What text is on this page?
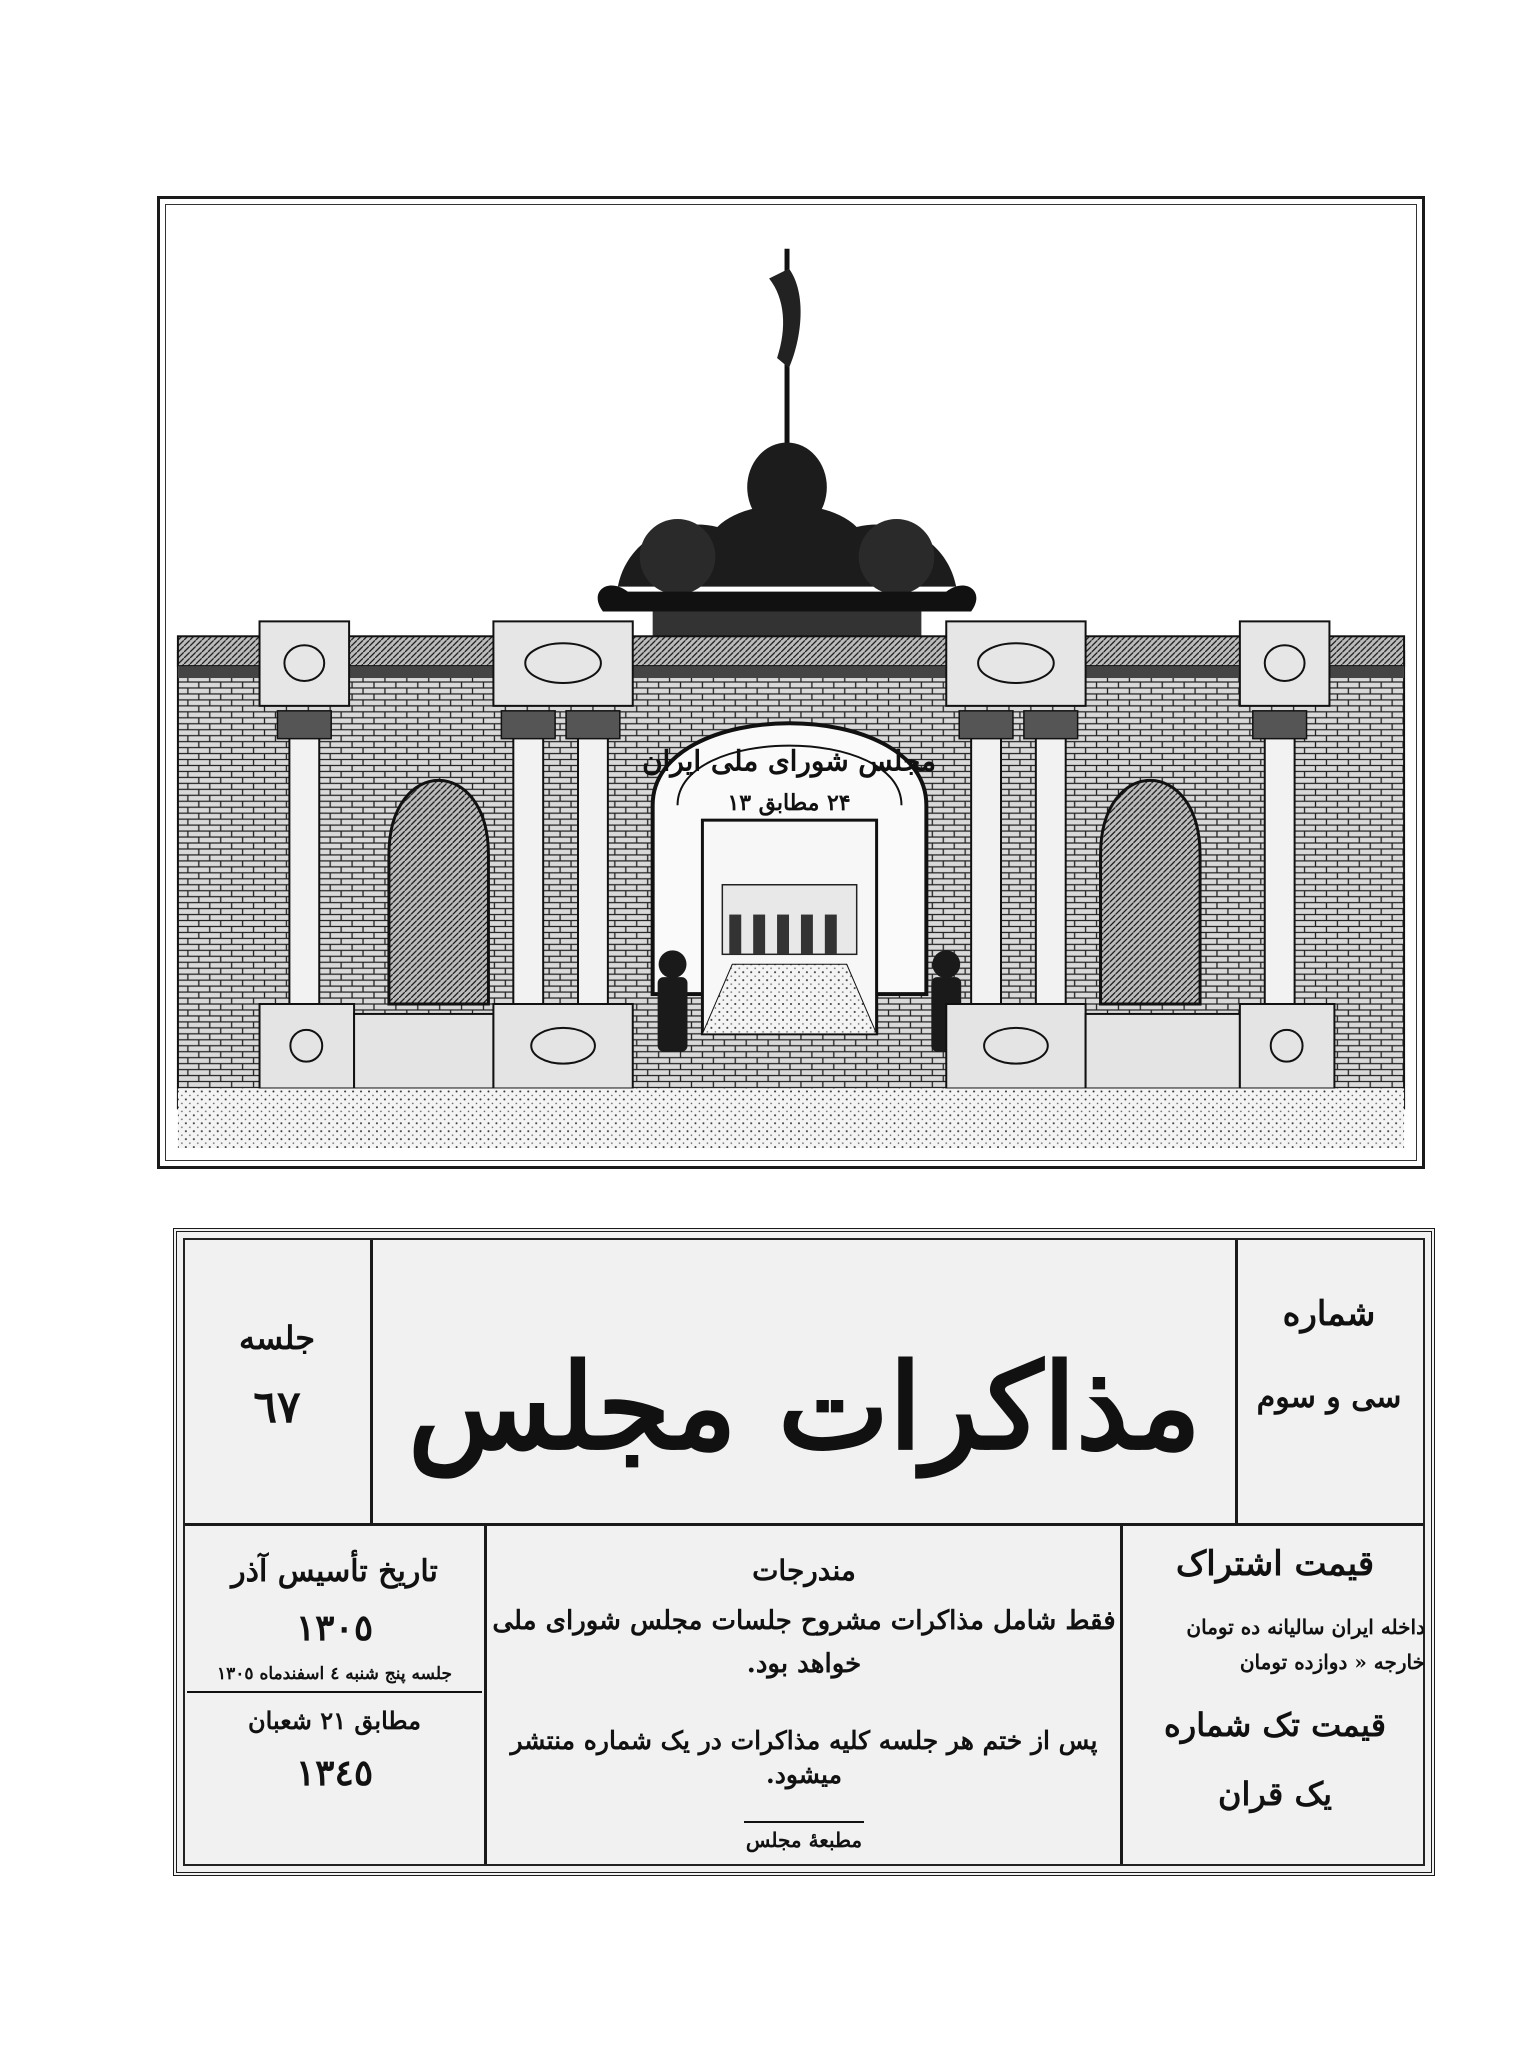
مجلس شورای ملی ایران
۲۴ مطابق ۱۳
شماره
سی و سوم
مذاکرات مجلس
جلسه
٦٧
قیمت اشتراک
داخله ایران سالیانه ده تومان
خارجه « دوازده تومان
قیمت تک شماره
یک قران
مندرجات
فقط شامل مذاکرات مشروح جلسات مجلس شورای ملی
خواهد بود.
پس از ختم هر جلسه کلیه مذاکرات در یک شماره منتشر میشود.
مطبعهٔ مجلس
تاریخ تأسیس آذر
١٣٠٥
جلسه پنج شنبه ٤ اسفندماه ١٣٠٥
مطابق ٢١ شعبان
١٣٤٥
